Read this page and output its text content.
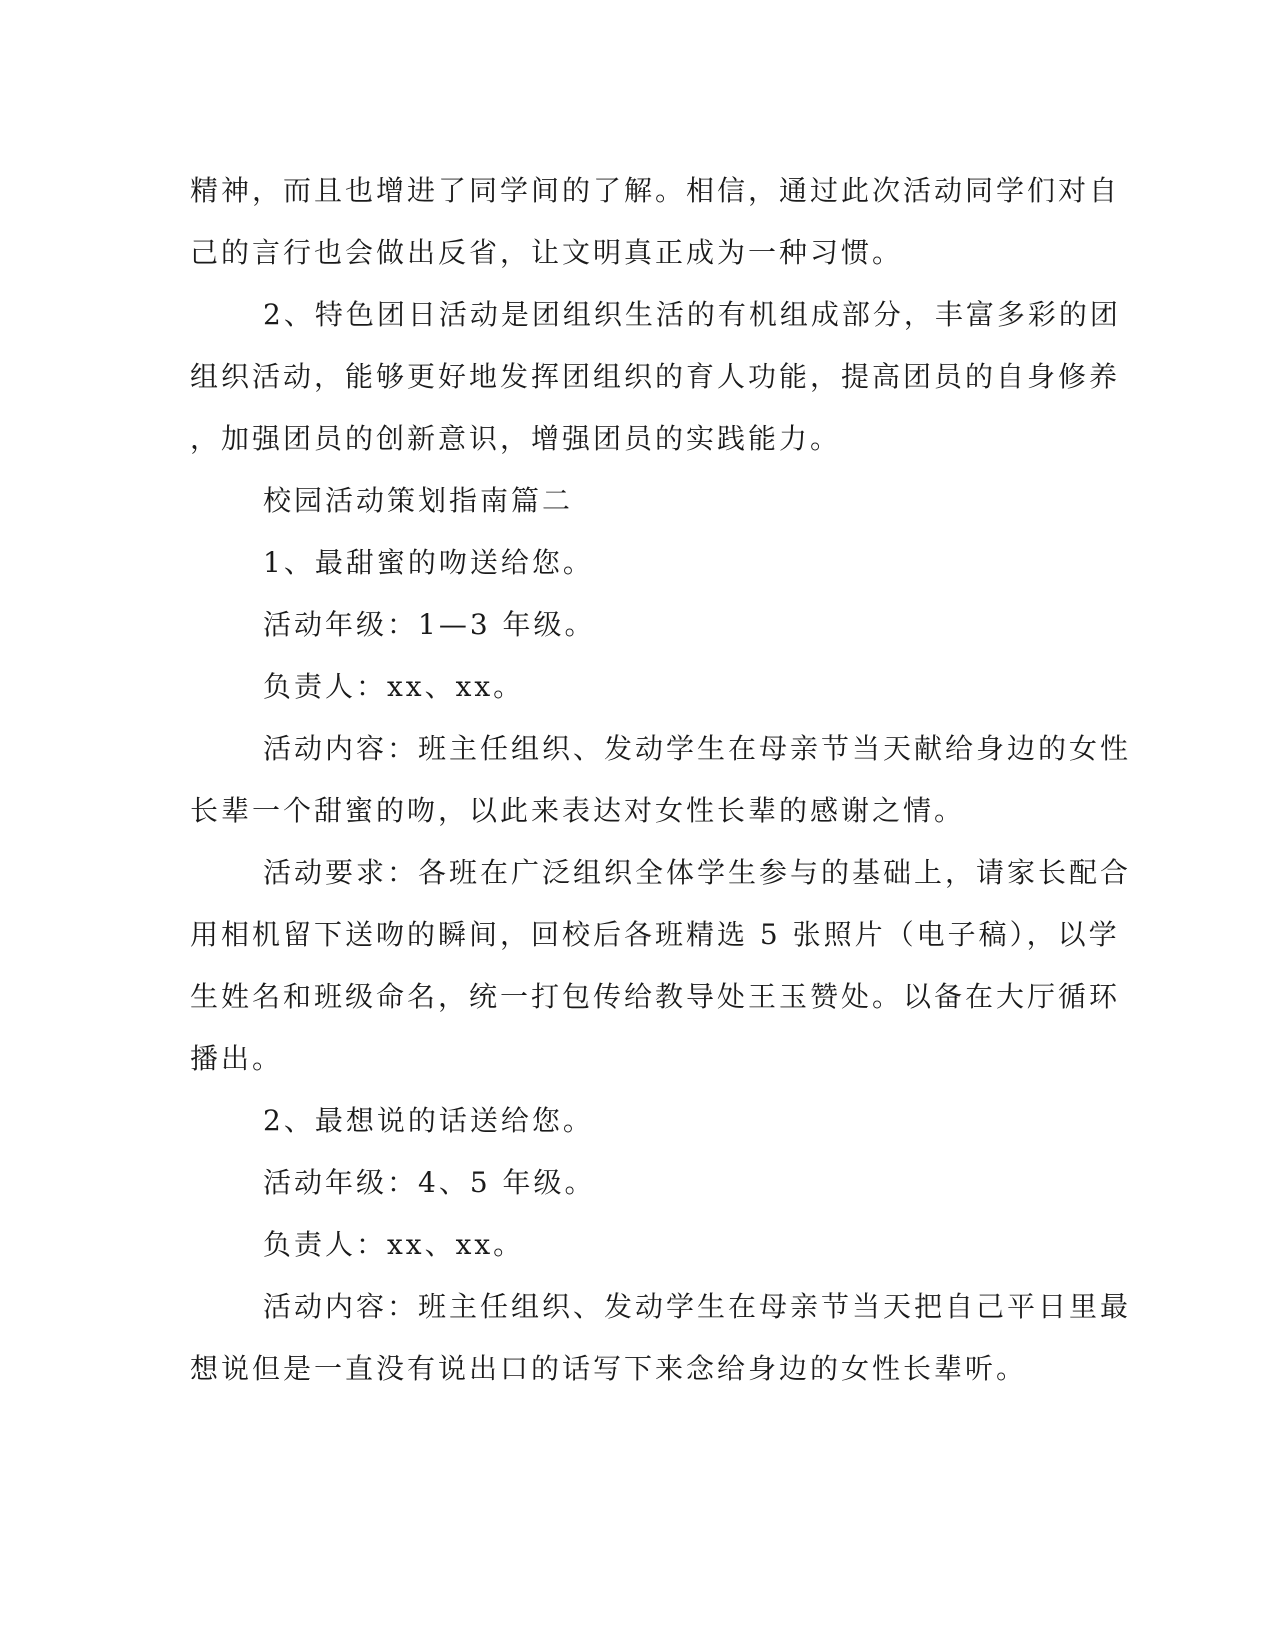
精神，而且也增进了同学间的了解。相信，通过此次活动同学们对自
己的言行也会做出反省，让文明真正成为一种习惯。
2、特色团日活动是团组织生活的有机组成部分，丰富多彩的团
组织活动，能够更好地发挥团组织的育人功能，提高团员的自身修养
，加强团员的创新意识，增强团员的实践能力。
校园活动策划指南篇二
1、最甜蜜的吻送给您。
活动年级：1—3 年级。
负责人：xx、xx。
活动内容：班主任组织、发动学生在母亲节当天献给身边的女性
长辈一个甜蜜的吻，以此来表达对女性长辈的感谢之情。
活动要求：各班在广泛组织全体学生参与的基础上，请家长配合
用相机留下送吻的瞬间，回校后各班精选 5 张照片（电子稿），以学
生姓名和班级命名，统一打包传给教导处王玉赞处。以备在大厅循环
播出。
2、最想说的话送给您。
活动年级：4、5 年级。
负责人：xx、xx。
活动内容：班主任组织、发动学生在母亲节当天把自己平日里最
想说但是一直没有说出口的话写下来念给身边的女性长辈听。
